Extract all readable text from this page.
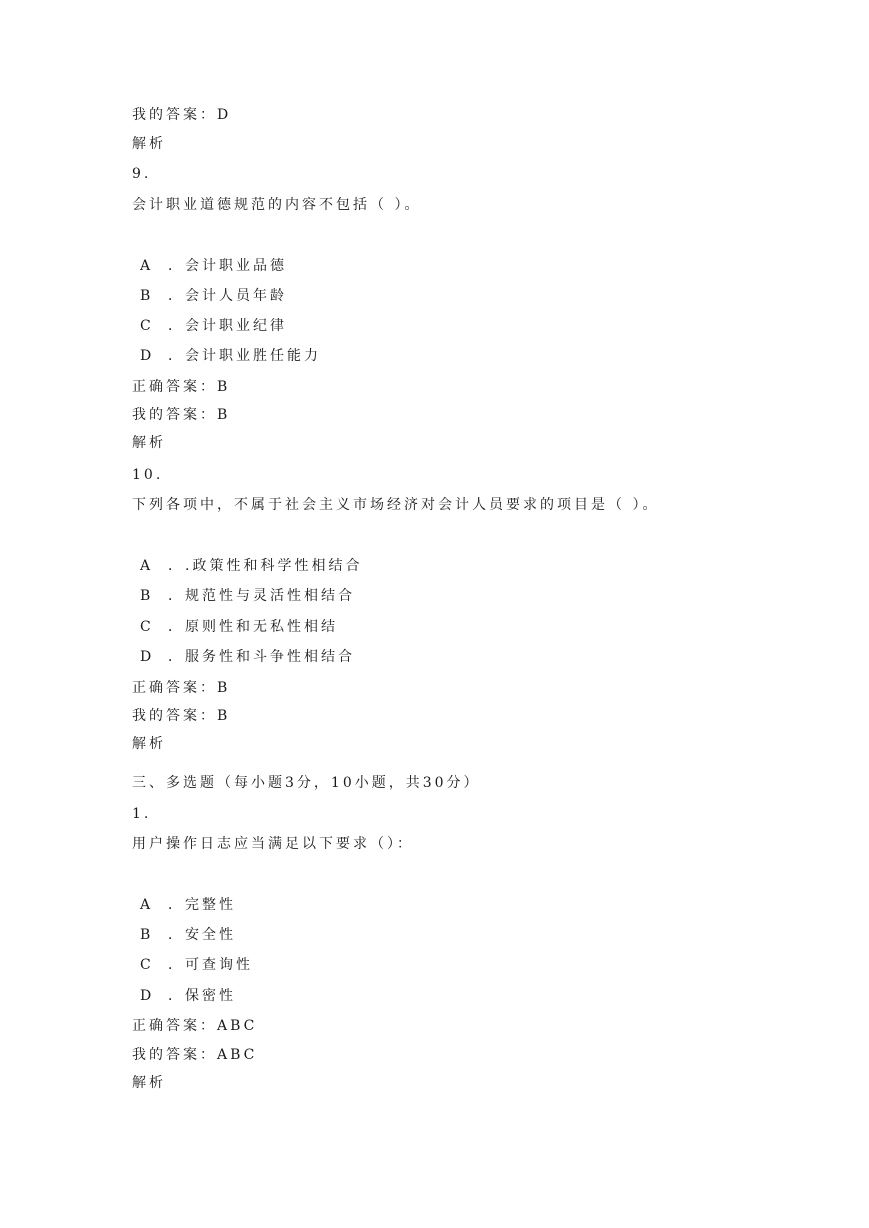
我的答案：D
解析
9.
会计职业道德规范的内容不包括（ ）。
A ．会计职业品德
B ．会计人员年龄
C ．会计职业纪律
D ．会计职业胜任能力
正确答案：B
我的答案：B
解析
10.
下列各项中，不属于社会主义市场经济对会计人员要求的项目是（ ）。
A ．.政策性和科学性相结合
B ．规范性与灵活性相结合
C ．原则性和无私性相结
D ．服务性和斗争性相结合
正确答案：B
我的答案：B
解析
三、多选题（每小题3分，10小题，共30分）
1.
用户操作日志应当满足以下要求（）：
A ．完整性
B ．安全性
C ．可查询性
D ．保密性
正确答案：ABC
我的答案：ABC
解析
